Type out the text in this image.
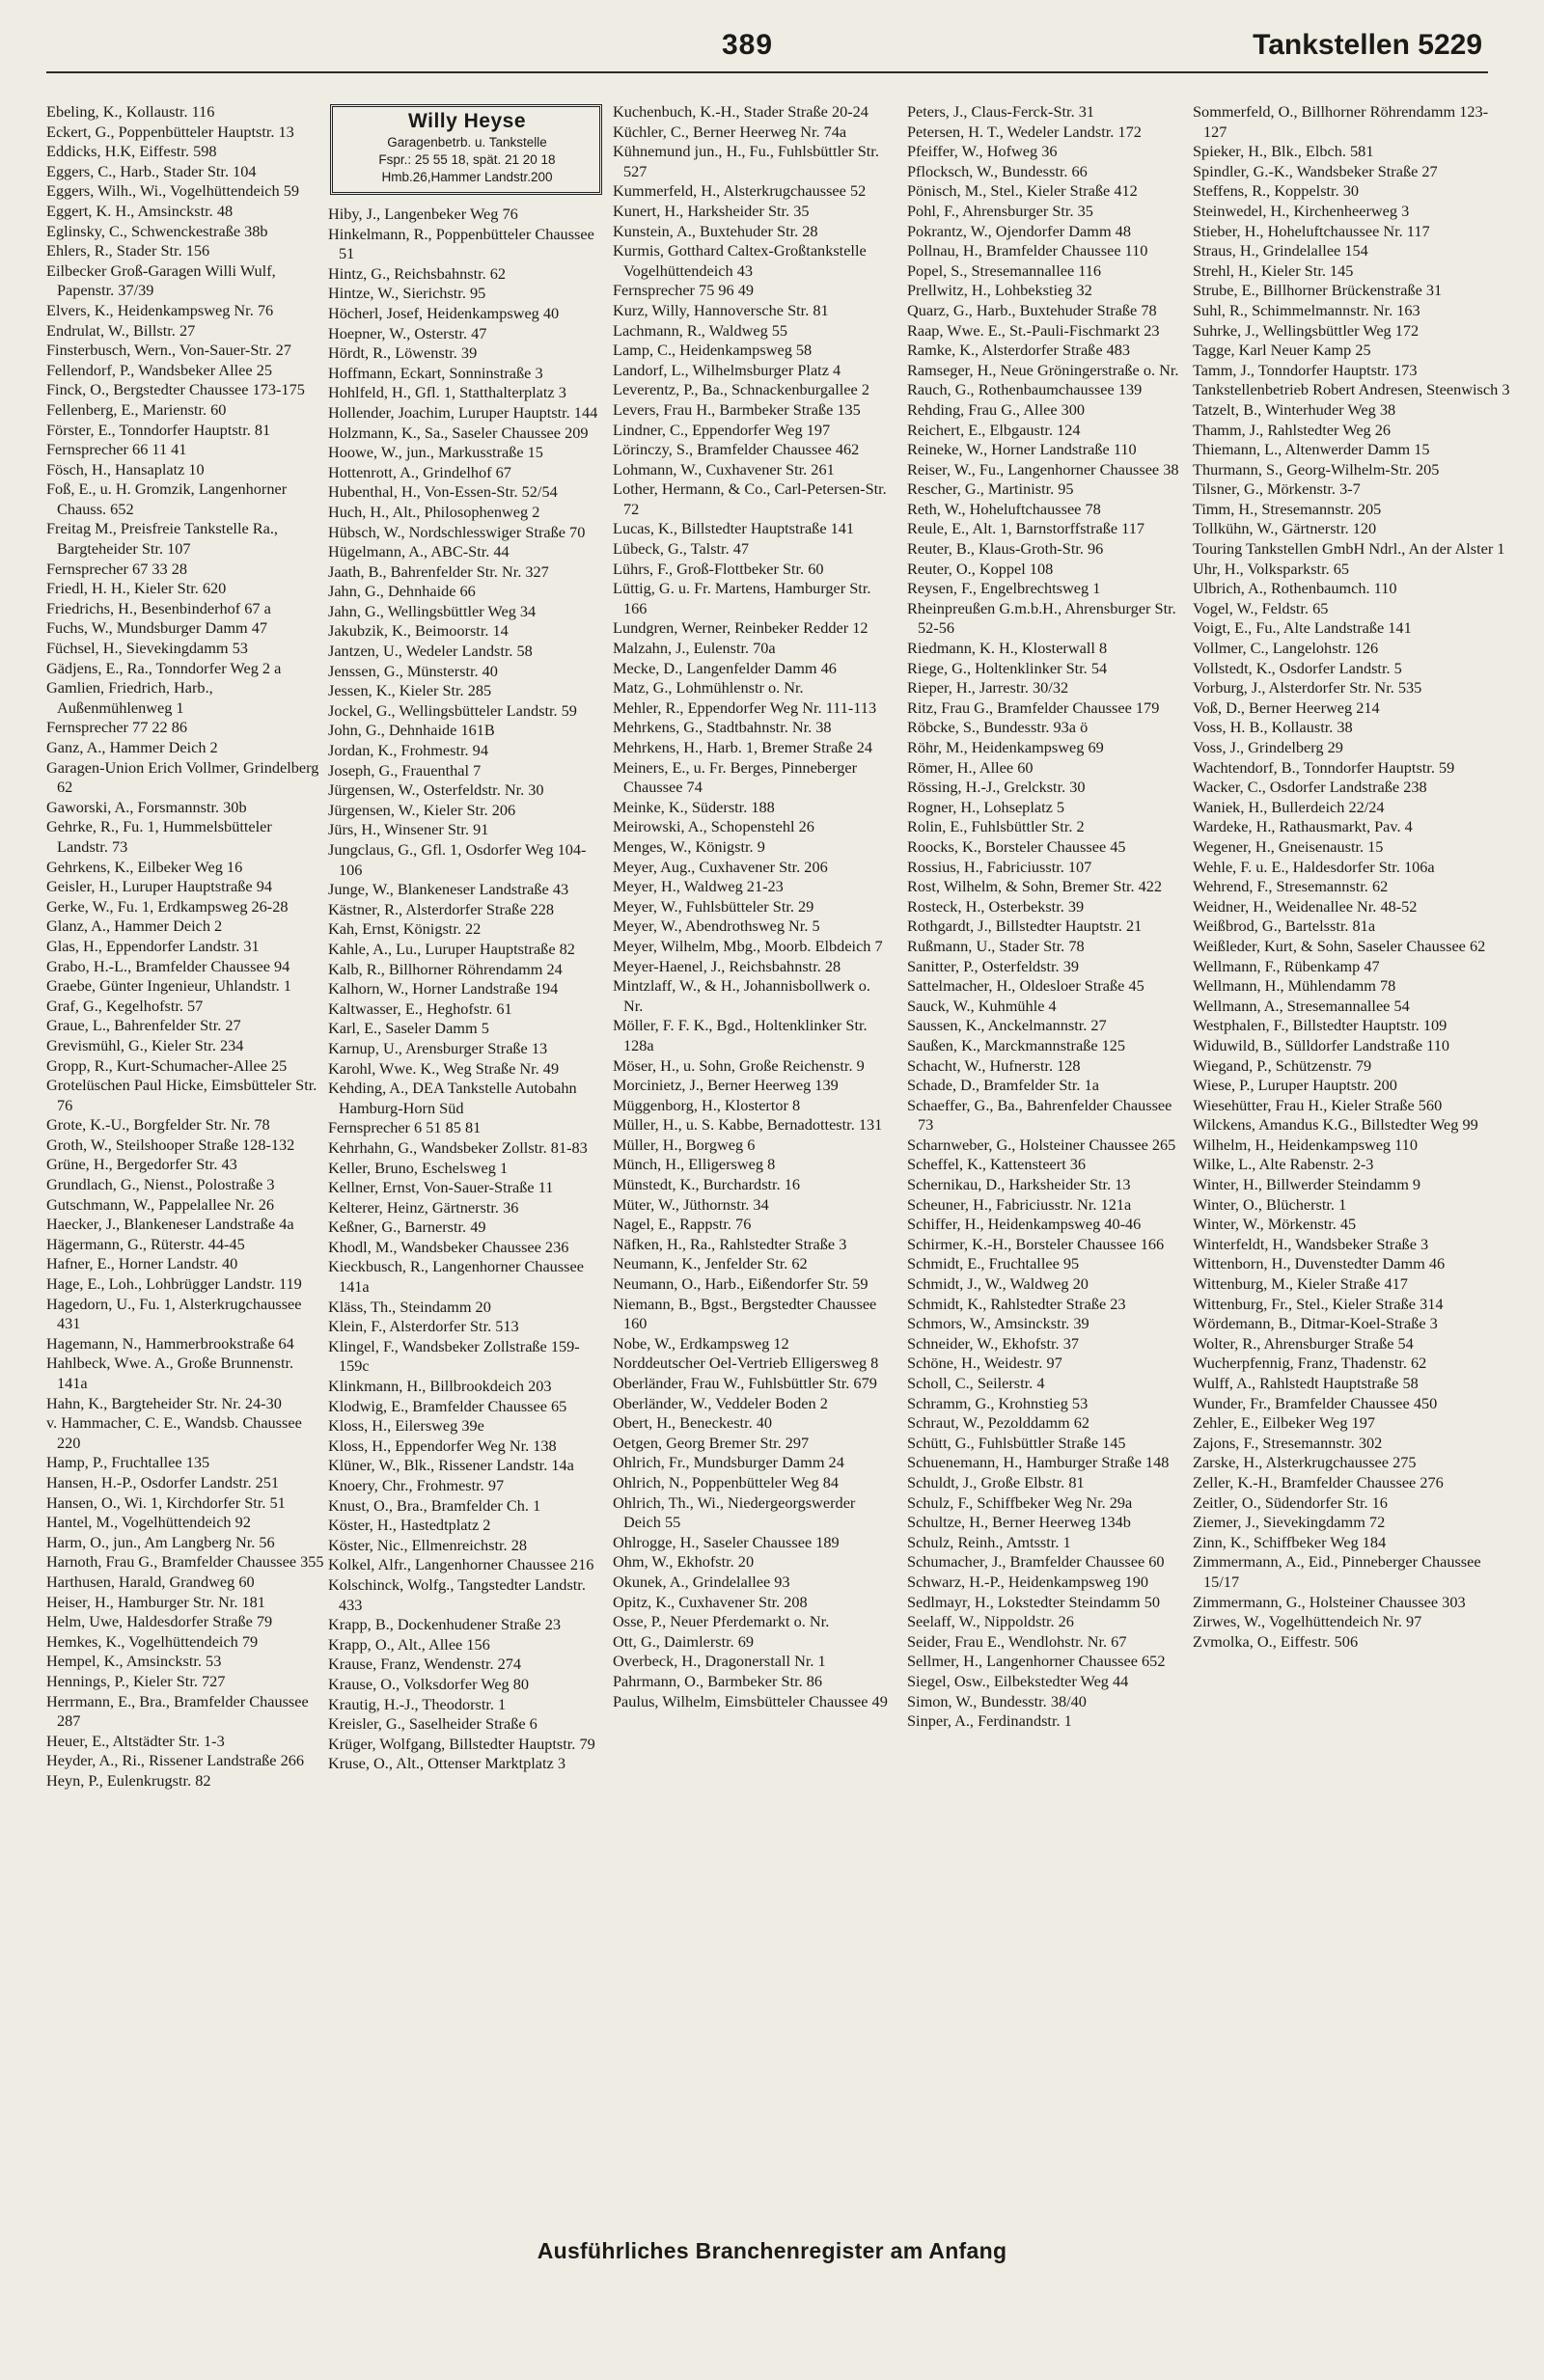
389	Tankstellen 5229
Ebeling, K., Kollaustr. 116
Eckert, G., Poppenbütteler Hauptstr. 13
Eddicks, H.K, Eiffestr. 598
Eggers, C., Harb., Stader Str. 104
Eggers, Wilh., Wi., Vogelhüttendeich 59
Eggert, K. H., Amsinckstr. 48
Eglinsky, C., Schwenckestraße 38b
Ehlers, R., Stader Str. 156
Eilbecker Groß-Garagen Willi Wulf, Papenstr. 37/39
Elvers, K., Heidenkampsweg Nr. 76
Endrulat, W., Billstr. 27
Finsterbusch, Wern., Von-Sauer-Str. 27
Fellendorf, P., Wandsbeker Allee 25
Finck, O., Bergstedter Chaussee 173-175
Fellenberg, E., Marienstr. 60
Förster, E., Tonndorfer Hauptstr. 81
Fernsprecher 66 11 41
Fösch, H., Hansaplatz 10
Foß, E., u. H. Gromzik, Langenhorner Chauss. 652
Freitag M., Preisfreie Tankstelle Ra., Bargteheider Str. 107
Fernsprecher 67 33 28
Friedl, H. H., Kieler Str. 620
Friedrichs, H., Besenbinderhof 67 a
Fuchs, W., Mundsburger Damm 47
Füchsel, H., Sievekingdamm 53
Gädjens, E., Ra., Tonndorfer Weg 2 a
Gamlien, Friedrich, Harb., Außenmühlenweg 1
Fernsprecher 77 22 86
Ganz, A., Hammer Deich 2
Garagen-Union Erich Vollmer, Grindelberg 62
Gaworski, A., Forsmannstr. 30b
Gehrke, R., Fu. 1, Hummelsbütteler Landstr. 73
Gehrkens, K., Eilbeker Weg 16
Geisler, H., Luruper Hauptstraße 94
Gerke, W., Fu. 1, Erdkampsweg 26-28
Glanz, A., Hammer Deich 2
Glas, H., Eppendorfer Landstr. 31
Grabo, H.-L., Bramfelder Chaussee 94
Graebe, Günter Ingenieur, Uhlandstr. 1
Graf, G., Kegelhofstr. 57
Graue, L., Bahrenfelder Str. 27
Grevismühl, G., Kieler Str. 234
Gropp, R., Kurt-Schumacher-Allee 25
Grotelüschen Paul Hicke, Eimsbütteler Str. 76
Grote, K.-U., Borgfelder Str. Nr. 78
Groth, W., Steilshooper Straße 128-132
Grüne, H., Bergedorfer Str. 43
Grundlach, G., Nienst., Polostraße 3
Gutschmann, W., Pappelallee Nr. 26
Haecker, J., Blankeneser Landstraße 4a
Hägermann, G., Rüterstr. 44-45
Hafner, E., Horner Landstr. 40
Hage, E., Loh., Lohbrügger Landstr. 119
Hagedorn, U., Fu. 1, Alsterkrugchaussee 431
Hagemann, N., Hammerbrookstraße 64
Hahlbeck, Wwe. A., Große Brunnenstr. 141a
Hahn, K., Bargteheider Str. Nr. 24-30
v. Hammacher, C. E., Wandsb. Chaussee 220
Hamp, P., Fruchtallee 135
Hansen, H.-P., Osdorfer Landstr. 251
Hansen, O., Wi. 1, Kirchdorfer Str. 51
Hantel, M., Vogelhüttendeich 92
Harm, O., jun., Am Langberg Nr. 56
Harnoth, Frau G., Bramfelder Chaussee 355
Harthusen, Harald, Grandweg 60
Heiser, H., Hamburger Str. Nr. 181
Helm, Uwe, Haldesdorfer Straße 79
Hemkes, K., Vogelhüttendeich 79
Hempel, K., Amsinckstr. 53
Hennings, P., Kieler Str. 727
Herrmann, E., Bra., Bramfelder Chaussee 287
Heuer, E., Altstädter Str. 1-3
Heyder, A., Ri., Rissener Landstraße 266
Heyn, P., Eulenkrugstr. 82
Willy Heyse
Garagenbetrb. u. Tankstelle
Fspr.: 25 55 18, spät. 21 20 18
Hmb.26,Hammer Landstr.200
Hiby, J., Langenbeker Weg 76
Hinkelmann, R., Poppenbütteler Chaussee 51
Hintz, G., Reichsbahnstr. 62
Hintze, W., Sierichstr. 95
Höcherl, Josef, Heidenkampsweg 40
Hoepner, W., Osterstr. 47
Hördt, R., Löwenstr. 39
Hoffmann, Eckart, Sonninstraße 3
Hohlfeld, H., Gfl. 1, Statthalterplatz 3
Hollender, Joachim, Luruper Hauptstr. 144
Holzmann, K., Sa., Saseler Chaussee 209
Hoowe, W., jun., Markusstraße 15
Hottenrott, A., Grindelhof 67
Hubenthal, H., Von-Essen-Str. 52/54
Huch, H., Alt., Philosophenweg 2
Hübsch, W., Nordschlesswiger Straße 70
Hügelmann, A., ABC-Str. 44
Jaath, B., Bahrenfelder Str. Nr. 327
Jahn, G., Dehnhaide 66
Jahn, G., Wellingsbüttler Weg 34
Jakubzik, K., Beimoorstr. 14
Jantzen, U., Wedeler Landstr. 58
Jenssen, G., Münsterstr. 40
Jessen, K., Kieler Str. 285
Jockel, G., Wellingsbütteler Landstr. 59
John, G., Dehnhaide 161B
Jordan, K., Frohmestr. 94
Joseph, G., Frauenthal 7
Jürgensen, W., Osterfeldstr. Nr. 30
Jürgensen, W., Kieler Str. 206
Jürs, H., Winsener Str. 91
Jungclaus, G., Gfl. 1, Osdorfer Weg 104-106
Junge, W., Blankeneser Landstraße 43
Kästner, R., Alsterdorfer Straße 228
Kah, Ernst, Königstr. 22
Kahle, A., Lu., Luruper Hauptstraße 82
Kalb, R., Billhorner Röhrendamm 24
Kalhorn, W., Horner Landstraße 194
Kaltwasser, E., Heghofstr. 61
Karl, E., Saseler Damm 5
Karnup, U., Arensburger Straße 13
Karohl, Wwe. K., Weg Straße Nr. 49
Kehding, A., DEA Tankstelle Autobahn Hamburg-Horn Süd
Fernsprecher 6 51 85 81
Kehrhahn, G., Wandsbeker Zollstr. 81-83
Keller, Bruno, Eschelsweg 1
Kellner, Ernst, Von-Sauer-Straße 11
Kelterer, Heinz, Gärtnerstr. 36
Keßner, G., Barnerstr. 49
Khodl, M., Wandsbeker Chaussee 236
Kieckbusch, R., Langenhorner Chaussee 141a
Kläss, Th., Steindamm 20
Klein, F., Alsterdorfer Str. 513
Klingel, F., Wandsbeker Zollstraße 159-159c
Klinkmann, H., Billbrookdeich 203
Klodwig, E., Bramfelder Chaussee 65
Kloss, H., Eilersweg 39e
Kloss, H., Eppendorfer Weg Nr. 138
Klüner, W., Blk., Rissener Landstr. 14a
Knoery, Chr., Frohmestr. 97
Knust, O., Bra., Bramfelder Ch. 1
Köster, H., Hastedtplatz 2
Köster, Nic., Ellmenreichstr. 28
Kolkel, Alfr., Langenhorner Chaussee 216
Kolschinck, Wolfg., Tangstedter Landstr. 433
Krapp, B., Dockenhudener Straße 23
Krapp, O., Alt., Allee 156
Krause, Franz, Wendenstr. 274
Krause, O., Volksdorfer Weg 80
Krautig, H.-J., Theodorstr. 1
Kreisler, G., Saselheider Straße 6
Krüger, Wolfgang, Billstedter Hauptstr. 79
Kruse, O., Alt., Ottenser Marktplatz 3
Kuchenbuch, K.-H., Stader Straße 20-24
Küchler, C., Berner Heerweg Nr. 74a
Kühnemund jun., H., Fu., Fuhlsbüttler Str. 527
Kummerfeld, H., Alsterkrugchaussee 52
Kunert, H., Harksheider Str. 35
Kunstein, A., Buxtehuder Str. 28
Kurmis, Gotthard Caltex-Großtankstelle Vogelhüttendeich 43
Fernsprecher 75 96 49
Kurz, Willy, Hannoversche Str. 81
Lachmann, R., Waldweg 55
Lamp, C., Heidenkampsweg 58
Landorf, L., Wilhelmsburger Platz 4
Leverentz, P., Ba., Schnackenburgallee 2
Levers, Frau H., Barmbeker Straße 135
Lindner, C., Eppendorfer Weg 197
Lörinczy, S., Bramfelder Chaussee 462
Lohmann, W., Cuxhavener Str. 261
Lother, Hermann, & Co., Carl-Petersen-Str. 72
Lucas, K., Billstedter Hauptstraße 141
Lübeck, G., Talstr. 47
Lührs, F., Groß-Flottbeker Str. 60
Lüttig, G. u. Fr. Martens, Hamburger Str. 166
Lundgren, Werner, Reinbeker Redder 12
Malzahn, J., Eulenstr. 70a
Mecke, D., Langenfelder Damm 46
Matz, G., Lohmühlenstr o. Nr.
Mehler, R., Eppendorfer Weg Nr. 111-113
Mehrkens, G., Stadtbahnstr. Nr. 38
Mehrkens, H., Harb. 1, Bremer Straße 24
Meiners, E., u. Fr. Berges, Pinneberger Chaussee 74
Meinke, K., Süderstr. 188
Meirowski, A., Schopenstehl 26
Menges, W., Königstr. 9
Meyer, Aug., Cuxhavener Str. 206
Meyer, H., Waldweg 21-23
Meyer, W., Fuhlsbütteler Str. 29
Meyer, W., Abendrothsweg Nr. 5
Meyer, Wilhelm, Mbg., Moorb. Elbdeich 7
Meyer-Haenel, J., Reichsbahnstr. 28
Mintzlaff, W., & H., Johannisbollwerk o. Nr.
Möller, F. F. K., Bgd., Holtenklinker Str. 128a
Möser, H., u. Sohn, Große Reichenstr. 9
Morcinietz, J., Berner Heerweg 139
Müggenborg, H., Klostertor 8
Müller, H., u. S. Kabbe, Bernadottestr. 131
Müller, H., Borgweg 6
Münch, H., Elligersweg 8
Münstedt, K., Burchardstr. 16
Müter, W., Jüthornstr. 34
Nagel, E., Rappstr. 76
Näfken, H., Ra., Rahlstedter Straße 3
Neumann, K., Jenfelder Str. 62
Neumann, O., Harb., Eißendorfer Str. 59
Niemann, B., Bgst., Bergstedter Chaussee 160
Nobe, W., Erdkampsweg 12
Norddeutscher Oel-Vertrieb Elligersweg 8
Oberländer, Frau W., Fuhlsbüttler Str. 679
Oberländer, W., Veddeler Boden 2
Obert, H., Beneckestr. 40
Oetgen, Georg Bremer Str. 297
Ohlrich, Fr., Mundsburger Damm 24
Ohlrich, N., Poppenbütteler Weg 84
Ohlrich, Th., Wi., Niedergeorgswerder Deich 55
Ohlrogge, H., Saseler Chaussee 189
Ohm, W., Ekhofstr. 20
Okunek, A., Grindelallee 93
Opitz, K., Cuxhavener Str. 208
Osse, P., Neuer Pferdemarkt o. Nr.
Ott, G., Daimlerstr. 69
Overbeck, H., Dragonerstall Nr. 1
Pahrmann, O., Barmbeker Str. 86
Paulus, Wilhelm, Eimsbütteler Chaussee 49
Peters, J., Claus-Ferck-Str. 31
Petersen, H. T., Wedeler Landstr. 172
Pfeiffer, W., Hofweg 36
Pflocksch, W., Bundesstr. 66
Pönisch, M., Stel., Kieler Straße 412
Pohl, F., Ahrensburger Str. 35
Pokrantz, W., Ojendorfer Damm 48
Pollnau, H., Bramfelder Chaussee 110
Popel, S., Stresemannallee 116
Prellwitz, H., Lohbekstieg 32
Quarz, G., Harb., Buxtehuder Straße 78
Raap, Wwe. E., St.-Pauli-Fischmarkt 23
Ramke, K., Alsterdorfer Straße 483
Ramseger, H., Neue Gröningerstraße o. Nr.
Rauch, G., Rothenbaumchaussee 139
Rehding, Frau G., Allee 300
Reichert, E., Elbgaustr. 124
Reineke, W., Horner Landstraße 110
Reiser, W., Fu., Langenhorner Chaussee 38
Rescher, G., Martinistr. 95
Reth, W., Hoheluftchaussee 78
Reule, E., Alt. 1, Barnstorffstraße 117
Reuter, B., Klaus-Groth-Str. 96
Reuter, O., Koppel 108
Reysen, F., Engelbrechtsweg 1
Rheinpreußen G.m.b.H., Ahrensburger Str. 52-56
Riedmann, K. H., Klosterwall 8
Riege, G., Holtenklinker Str. 54
Rieper, H., Jarrestr. 30/32
Ritz, Frau G., Bramfelder Chaussee 179
Röbcke, S., Bundesstr. 93a ö
Röhr, M., Heidenkampsweg 69
Römer, H., Allee 60
Rössing, H.-J., Grelckstr. 30
Rogner, H., Lohseplatz 5
Rolin, E., Fuhlsbüttler Str. 2
Roocks, K., Borsteler Chaussee 45
Rossius, H., Fabriciusstr. 107
Rost, Wilhelm, & Sohn, Bremer Str. 422
Rosteck, H., Osterbekstr. 39
Rothgardt, J., Billstedter Hauptstr. 21
Rußmann, U., Stader Str. 78
Sanitter, P., Osterfeldstr. 39
Sattelmacher, H., Oldesloer Straße 45
Sauck, W., Kuhmühle 4
Saussen, K., Anckelmannstr. 27
Saußen, K., Marckmannstraße 125
Schacht, W., Hufnerstr. 128
Schade, D., Bramfelder Str. 1a
Schaeffer, G., Ba., Bahrenfelder Chaussee 73
Scharnweber, G., Holsteiner Chaussee 265
Scheffel, K., Kattensteert 36
Schernikau, D., Harksheider Str. 13
Scheuner, H., Fabriciusstr. Nr. 121a
Schiffer, H., Heidenkampsweg 40-46
Schirmer, K.-H., Borsteler Chaussee 166
Schmidt, E., Fruchtallee 95
Schmidt, J., W., Waldweg 20
Schmidt, K., Rahlstedter Straße 23
Schmors, W., Amsinckstr. 39
Schneider, W., Ekhofstr. 37
Schöne, H., Weidestr. 97
Scholl, C., Seilerstr. 4
Schramm, G., Krohnstieg 53
Schraut, W., Pezolddamm 62
Schütt, G., Fuhlsbüttler Straße 145
Schuenemann, H., Hamburger Straße 148
Schuldt, J., Große Elbstr. 81
Schulz, F., Schiffbeker Weg Nr. 29a
Schultze, H., Berner Heerweg 134b
Schulz, Reinh., Amtsstr. 1
Schumacher, J., Bramfelder Chaussee 60
Schwarz, H.-P., Heidenkampsweg 190
Sedlmayr, H., Lokstedter Steindamm 50
Seelaff, W., Nippoldstr. 26
Seider, Frau E., Wendlohstr. Nr. 67
Sellmer, H., Langenhorner Chaussee 652
Siegel, Osw., Eilbekstedter Weg 44
Simon, W., Bundesstr. 38/40
Sinper, A., Ferdinandstr. 1
Sommerfeld, O., Billhorner Röhrendamm 123-127
Spieker, H., Blk., Elbch. 581
Spindler, G.-K., Wandsbeker Straße 27
Steffens, R., Koppelstr. 30
Steinwedel, H., Kirchenheerweg 3
Stieber, H., Hoheluftchaussee Nr. 117
Straus, H., Grindelallee 154
Strehl, H., Kieler Str. 145
Strube, E., Billhorner Brückenstraße 31
Suhl, R., Schimmelmannstr. Nr. 163
Suhrke, J., Wellingsbüttler Weg 172
Tagge, Karl Neuer Kamp 25
Tamm, J., Tonndorfer Hauptstr. 173
Tankstellenbetrieb Robert Andresen, Steenwisch 3
Tatzelt, B., Winterhuder Weg 38
Thamm, J., Rahlstedter Weg 26
Thiemann, L., Altenwerder Damm 15
Thurmann, S., Georg-Wilhelm-Str. 205
Tilsner, G., Mörkenstr. 3-7
Timm, H., Stresemannstr. 205
Tollkühn, W., Gärtnerstr. 120
Touring Tankstellen GmbH Ndrl., An der Alster 1
Uhr, H., Volksparkstr. 65
Ulbrich, A., Rothenbaumch. 110
Vogel, W., Feldstr. 65
Voigt, E., Fu., Alte Landstraße 141
Vollmer, C., Langelohstr. 126
Vollstedt, K., Osdorfer Landstr. 5
Vorburg, J., Alsterdorfer Str. Nr. 535
Voß, D., Berner Heerweg 214
Voss, H. B., Kollaustr. 38
Voss, J., Grindelberg 29
Wachtendorf, B., Tonndorfer Hauptstr. 59
Wacker, C., Osdorfer Landstraße 238
Waniek, H., Bullerdeich 22/24
Wardeke, H., Rathausmarkt, Pav. 4
Wegener, H., Gneisenaustr. 15
Wehle, F. u. E., Haldesdorfer Str. 106a
Wehrend, F., Stresemannstr. 62
Weidner, H., Weidenallee Nr. 48-52
Weißbrod, G., Bartelsstr. 81a
Weißleder, Kurt, & Sohn, Saseler Chaussee 62
Wellmann, F., Rübenkamp 47
Wellmann, H., Mühlendamm 78
Wellmann, A., Stresemannallee 54
Westphalen, F., Billstedter Hauptstr. 109
Widuwild, B., Sülldorfer Landstraße 110
Wiegand, P., Schützenstr. 79
Wiese, P., Luruper Hauptstr. 200
Wiesehütter, Frau H., Kieler Straße 560
Wilckens, Amandus K.G., Billstedter Weg 99
Wilhelm, H., Heidenkampsweg 110
Wilke, L., Alte Rabenstr. 2-3
Winter, H., Billwerder Steindamm 9
Winter, O., Blücherstr. 1
Winter, W., Mörkenstr. 45
Winterfeldt, H., Wandsbeker Straße 3
Wittenborn, H., Duvenstedter Damm 46
Wittenburg, M., Kieler Straße 417
Wittenburg, Fr., Stel., Kieler Straße 314
Wördemann, B., Ditmar-Koel-Straße 3
Wolter, R., Ahrensburger Straße 54
Wucherpfennig, Franz, Thadenstr. 62
Wulff, A., Rahlstedt Hauptstraße 58
Wunder, Fr., Bramfelder Chaussee 450
Zehler, E., Eilbeker Weg 197
Zajons, F., Stresemannstr. 302
Zarske, H., Alsterkrugchaussee 275
Zeller, K.-H., Bramfelder Chaussee 276
Zeitler, O., Südendorfer Str. 16
Ziemer, J., Sievekingdamm 72
Zinn, K., Schiffbeker Weg 184
Zimmermann, A., Eid., Pinneberger Chaussee 15/17
Zimmermann, G., Holsteiner Chaussee 303
Zirwes, W., Vogelhüttendeich Nr. 97
Zvmolka, O., Eiffestr. 506
Ausführliches Branchenregister am Anfang
